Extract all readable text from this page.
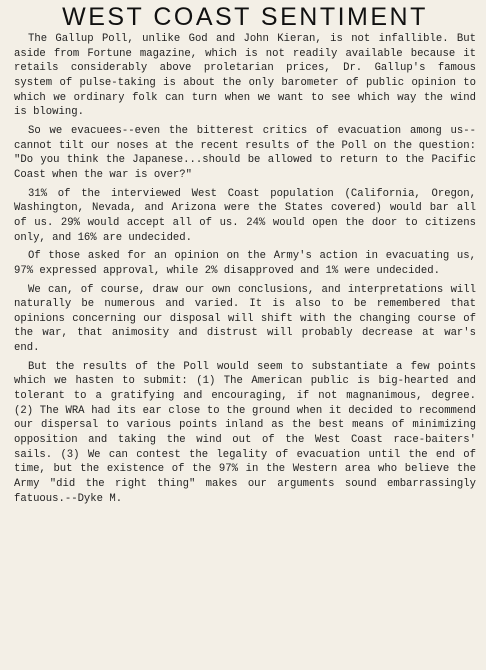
WEST COAST SENTIMENT

The Gallup Poll, unlike God and John Kieran, is not infallible. But aside from Fortune magazine, which is not readily available because it retails considerably above proletarian prices, Dr. Gallup's famous system of pulse-taking is about the only barometer of public opinion to which we ordinary folk can turn when we want to see which way the wind is blowing.

So we evacuees--even the bitterest critics of evacuation among us--cannot tilt our noses at the recent results of the Poll on the question: "Do you think the Japanese...should be allowed to return to the Pacific Coast when the war is over?"

31% of the interviewed West Coast population (California, Oregon, Washington, Nevada, and Arizona were the States covered) would bar all of us. 29% would accept all of us. 24% would open the door to citizens only, and 16% are undecided.

Of those asked for an opinion on the Army's action in evacuating us, 97% expressed approval, while 2% disapproved and 1% were undecided.

We can, of course, draw our own conclusions, and interpretations will naturally be numerous and varied. It is also to be remembered that opinions concerning our disposal will shift with the changing course of the war, that animosity and distrust will probably decrease at war's end.

But the results of the Poll would seem to substantiate a few points which we hasten to submit: (1) The American public is big-hearted and tolerant to a gratifying and encouraging, if not magnanimous, degree. (2) The WRA had its ear close to the ground when it decided to recommend our dispersal to various points inland as the best means of minimizing opposition and taking the wind out of the West Coast race-baiters' sails. (3) We can contest the legality of evacuation until the end of time, but the existence of the 97% in the Western area who believe the Army "did the right thing" makes our arguments sound embarrassingly fatuous.--Dyke M.
